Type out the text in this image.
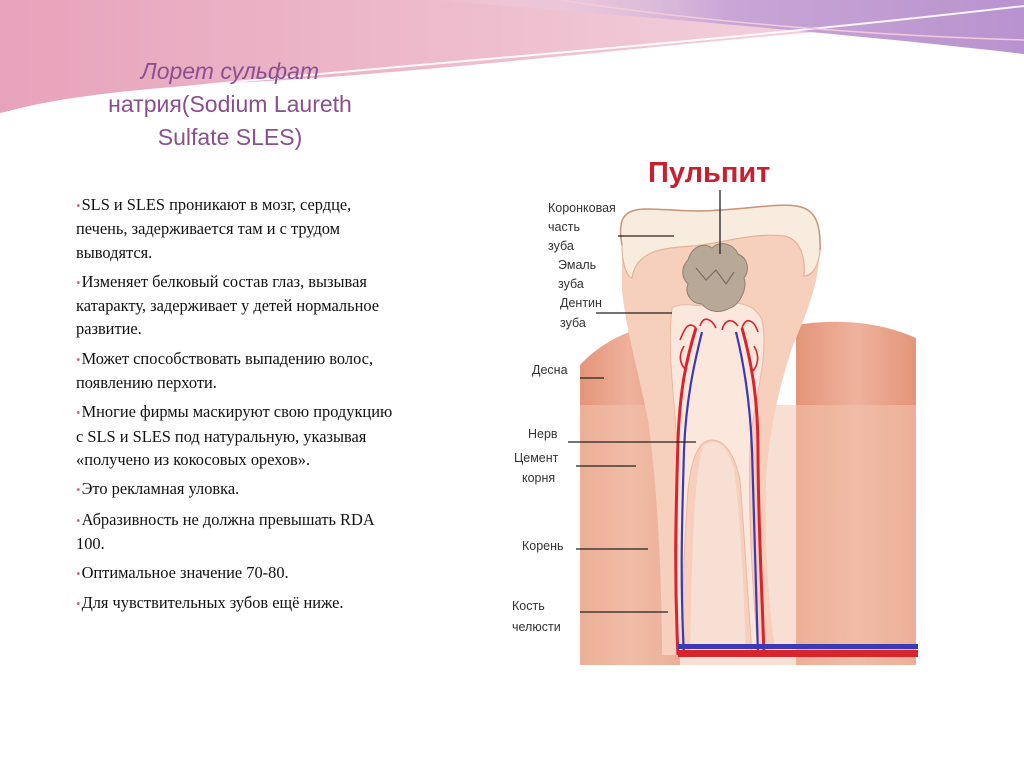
Лорет сульфат
натрия(Sodium Laureth
Sulfate SLES)
• SLS и SLES проникают в мозг, сердце, печень, задерживается там и с трудом выводятся.
• Изменяет белковый состав глаз, вызывая катаракту, задерживает у детей нормальное развитие.
• Может способствовать выпадению волос, появлению перхоти.
• Многие фирмы маскируют свою продукцию с SLS и SLES под натуральную, указывая «получено из кокосовых орехов».
• Это рекламная уловка.
• Абразивность не должна превышать RDA 100.
• Оптимальное значение 70-80.
• Для чувствительных зубов ещё ниже.
Пульпит
Коронковая часть зуба
Эмаль зуба
Дентин зуба
Десна
Нерв
Цемент корня
Корень
Кость челюсти
